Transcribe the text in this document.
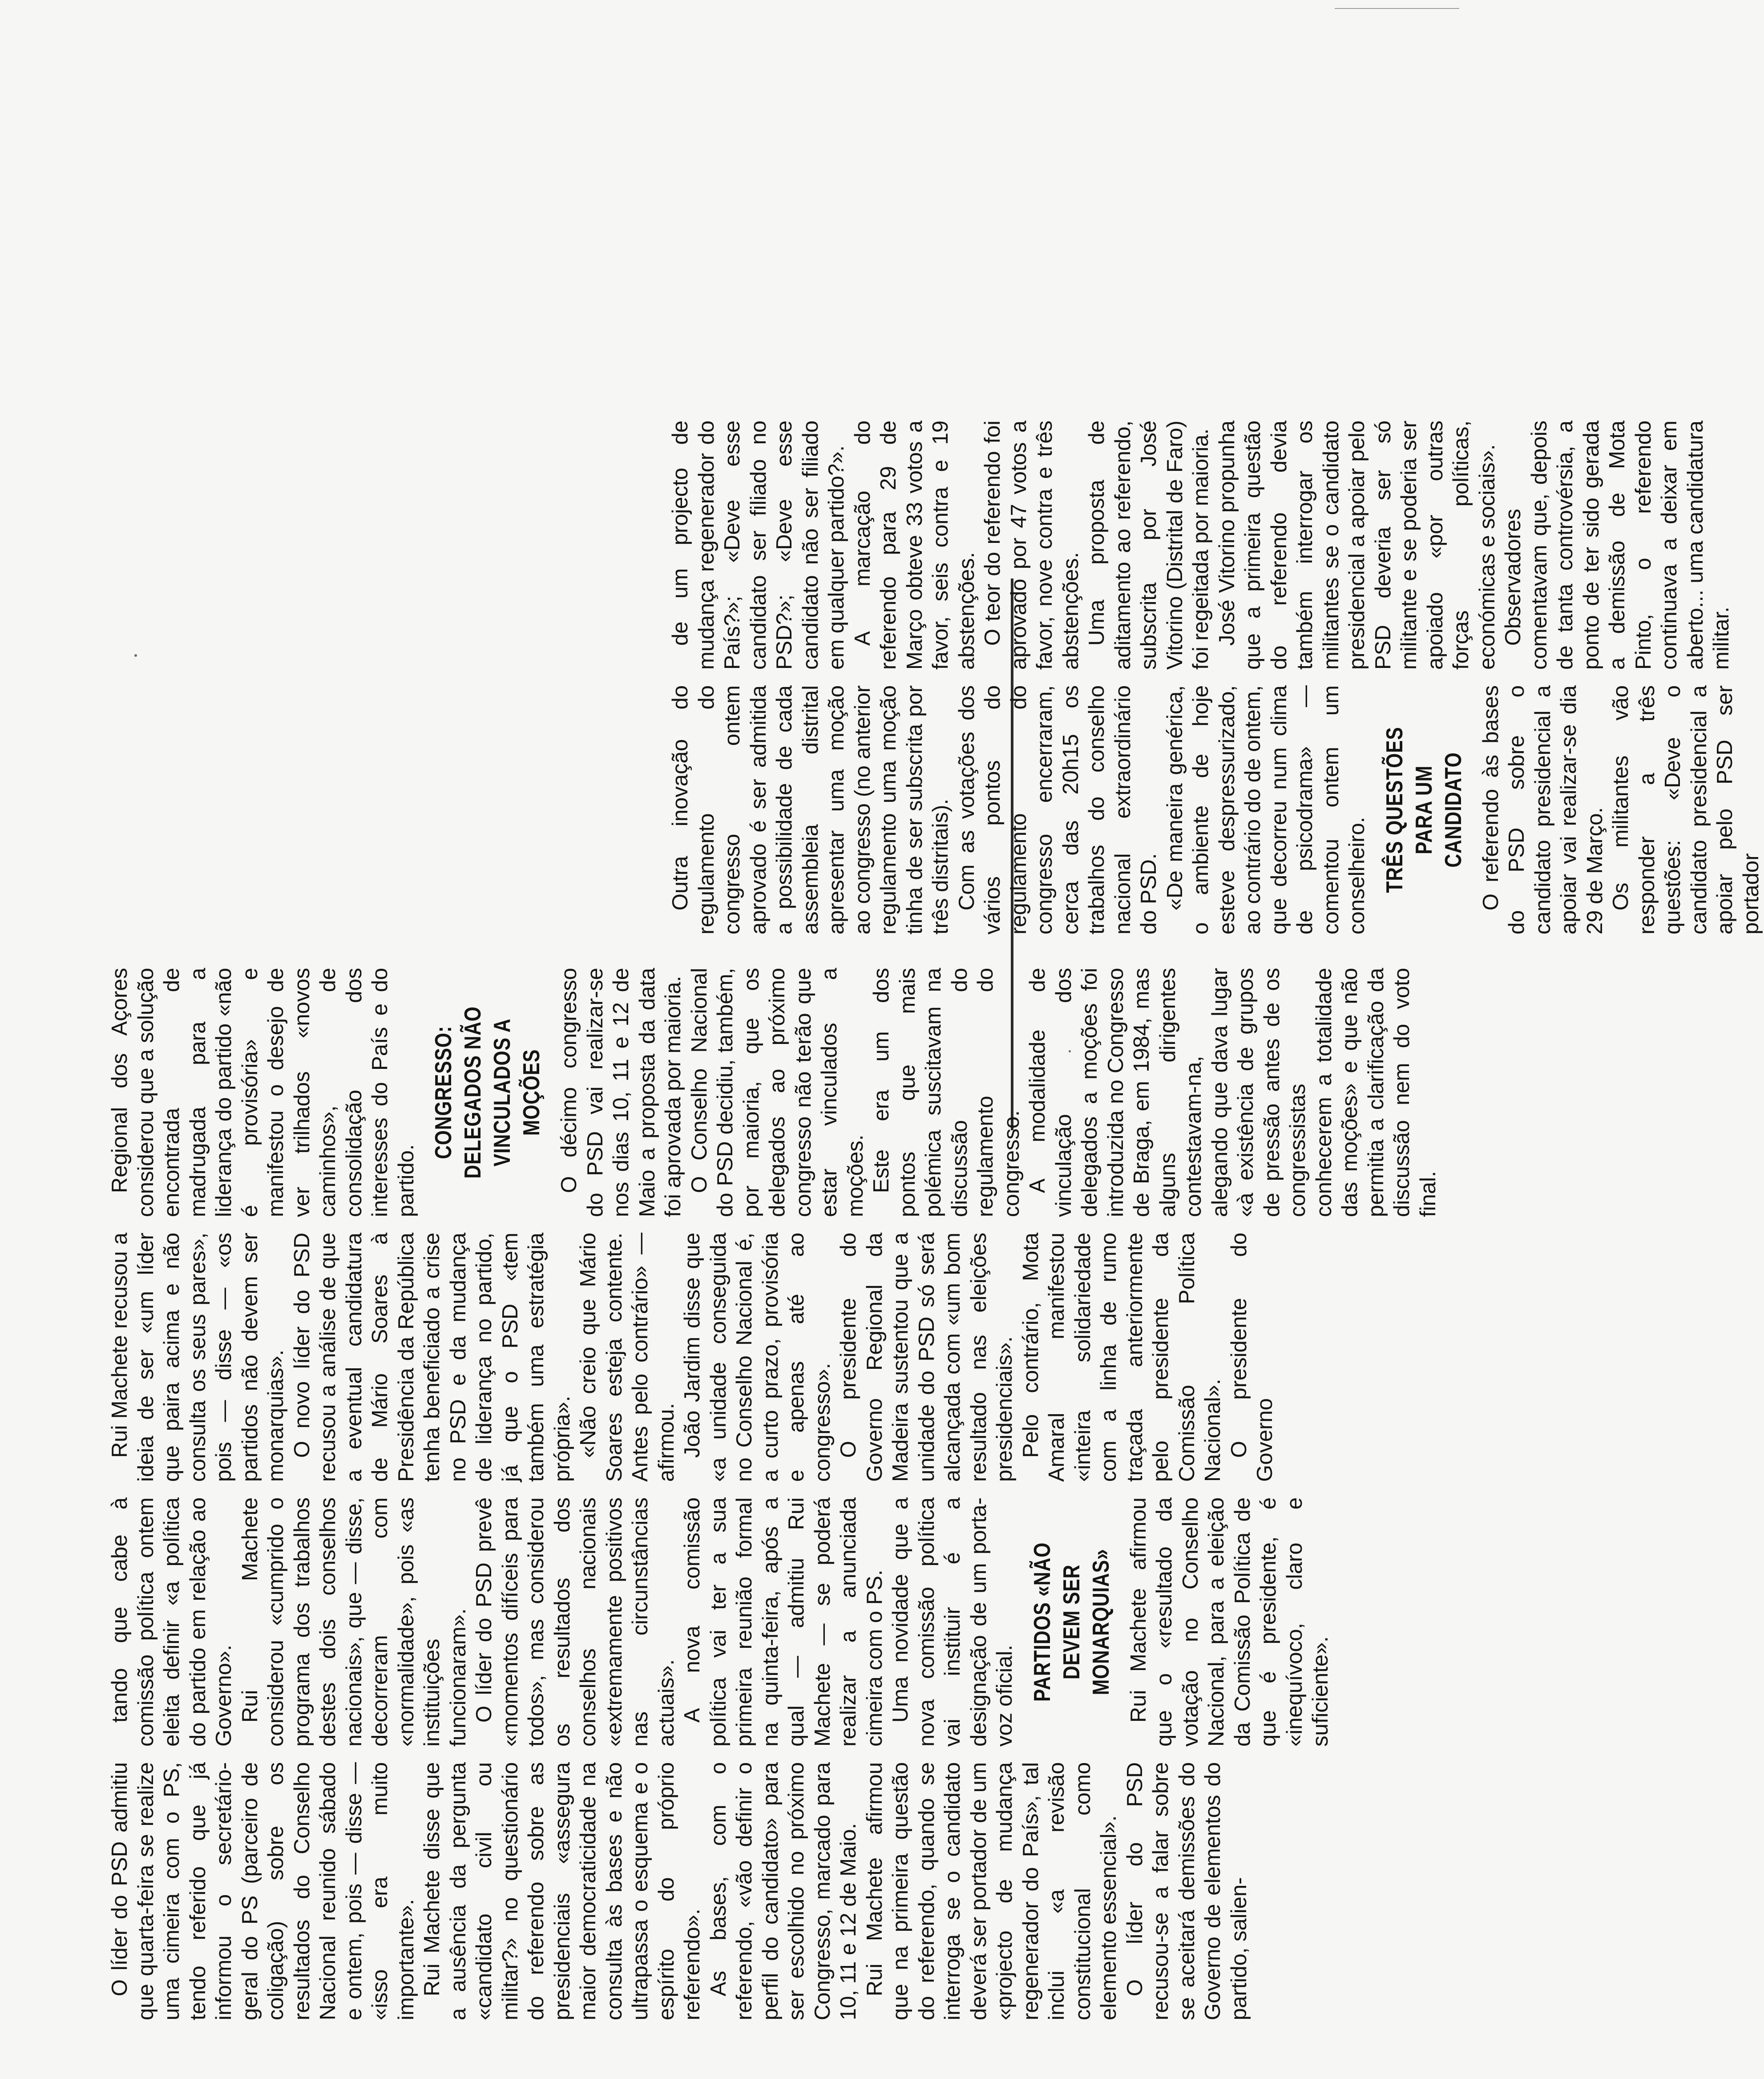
O líder do PSD admitiu que quarta-feira se realize uma cimeira com o PS, tendo referido que já informou o secretário-geral do PS (parceiro de coligação) sobre os resultados do Conselho Nacional reunido sábado e ontem, pois — disse — «isso era muito importante». Rui Machete disse que a ausência da pergunta «candidato civil ou militar?» no questionário do referendo sobre as presidenciais «assegura maior democraticidade na consulta às bases e não ultrapassa o esquema e o espírito do próprio referendo». As bases, com o referendo, «vão definir o perfil do candidato» para ser escolhido no próximo Congresso, marcado para 10, 11 e 12 de Maio. Rui Machete afirmou que na primeira questão do referendo, quando se interroga se o candidato deverá ser portador de um «projecto de mudança regenerador do País», tal inclui «a revisão constitucional como elemento essencial». O líder do PSD recusou-se a falar sobre se aceitará demissões do Governo de elementos do partido, salien-

tando que cabe à comissão política ontem eleita definir «a política do partido em relação ao Governo». Rui Machete considerou «cumprido o programa dos trabalhos destes dois conselhos nacionais», que — disse, decorreram com «normalidade», pois «as instituições funcionaram». O líder do PSD prevê «momentos difíceis para todos», mas considerou os resultados dos conselhos nacionais «extremamente positivos nas circunstâncias actuais». A nova comissão política vai ter a sua primeira reunião formal na quinta-feira, após a qual — admitiu Rui Machete — se poderá realizar a anunciada cimeira com o PS. Uma novidade que a nova comissão política vai instituir é a designação de um porta-voz oficial. PARTIDOS «NÃO DEVEM SER MONARQUIAS» Rui Machete afirmou que o «resultado da votação no Conselho Nacional, para a eleição da Comissão Política de que é presidente, é «inequívoco, claro e suficiente».

Rui Machete recusou a ideia de ser «um líder que paira acima e não consulta os seus pares», pois — disse — «os partidos não devem ser monarquias». O novo líder do PSD recusou a análise de que a eventual candidatura de Mário Soares à Presidência da República tenha beneficiado a crise no PSD e da mudança de liderança no partido, já que o PSD «tem também uma estratégia própria». «Não creio que Mário Soares esteja contente. Antes pelo contrário» — afirmou. João Jardim disse que «a unidade conseguida no Conselho Nacional é, a curto prazo, provisória e apenas até ao congresso». O presidente do Governo Regional da Madeira sustentou que a unidade do PSD só será alcançada com «um bom resultado nas eleições presidenciais». Pelo contrário, Mota Amaral manifestou «inteira solidariedade com a linha de rumo traçada anteriormente pelo presidente da Comissão Política Nacional». O presidente do Governo

Regional dos Açores considerou que a solução encontrada de madrugada para a liderança do partido «não é provisória» e manifestou o desejo de ver trilhados «novos caminhos», de consolidação dos interesses do País e do partido.

CONGRESSO: DELEGADOS NÃO VINCULADOS A MOÇÕES O décimo congresso do PSD vai realizar-se nos dias 10, 11 e 12 de Maio a proposta da data foi aprovada por maioria. O Conselho Nacional do PSD decidiu, também, por maioria, que os delegados ao próximo congresso não terão que estar vinculados a moções. Este era um dos pontos que mais polémica suscitavam na discussão do regulamento do congresso. A modalidade de vinculação dos delegados a moções foi introduzida no Congresso de Braga, em 1984, mas alguns dirigentes contestavam-na, alegando que dava lugar «à existência de grupos de pressão antes de os congressistas conhecerem a totalidade das moções» e que não permitia a clarificação da discussão nem do voto final.

Outra inovação do regulamento do congresso ontem aprovado é ser admitida a possibilidade de cada assembleia distrital apresentar uma moção ao congresso (no anterior regulamento uma moção tinha de ser subscrita por três distritais). Com as votações dos vários pontos do regulamento do congresso encerraram, cerca das 20h15 os trabalhos do conselho nacional extraordinário do PSD. «De maneira genérica, o ambiente de hoje esteve despressurizado, ao contrário do de ontem, que decorreu num clima de psicodrama» — comentou ontem um conselheiro. TRÊS QUESTÕES PARA UM CANDIDATO O referendo às bases do PSD sobre o candidato presidencial a apoiar vai realizar-se dia 29 de Março. Os militantes vão responder a três questões: «Deve o candidato presidencial a apoiar pelo PSD ser portador

de um projecto de mudança regenerador do País?»; «Deve esse candidato ser filiado no PSD?»; «Deve esse candidato não ser filiado em qualquer partido?». A marcação do referendo para 29 de Março obteve 33 votos a favor, seis contra e 19 abstenções. O teor do referendo foi aprovado por 47 votos a favor, nove contra e três abstenções. Uma proposta de aditamento ao referendo, subscrita por José Vitorino (Distrital de Faro) foi regeitada por maioria. José Vitorino propunha que a primeira questão do referendo devia também interrogar os militantes se o candidato presidencial a apoiar pelo PSD deveria ser só militante e se poderia ser apoiado «por outras forças políticas, económicas e sociais». Observadores comentavam que, depois de tanta controvérsia, a ponto de ter sido gerada a demissão de Mota Pinto, o referendo continuava a deixar em aberto... uma candidatura militar.
